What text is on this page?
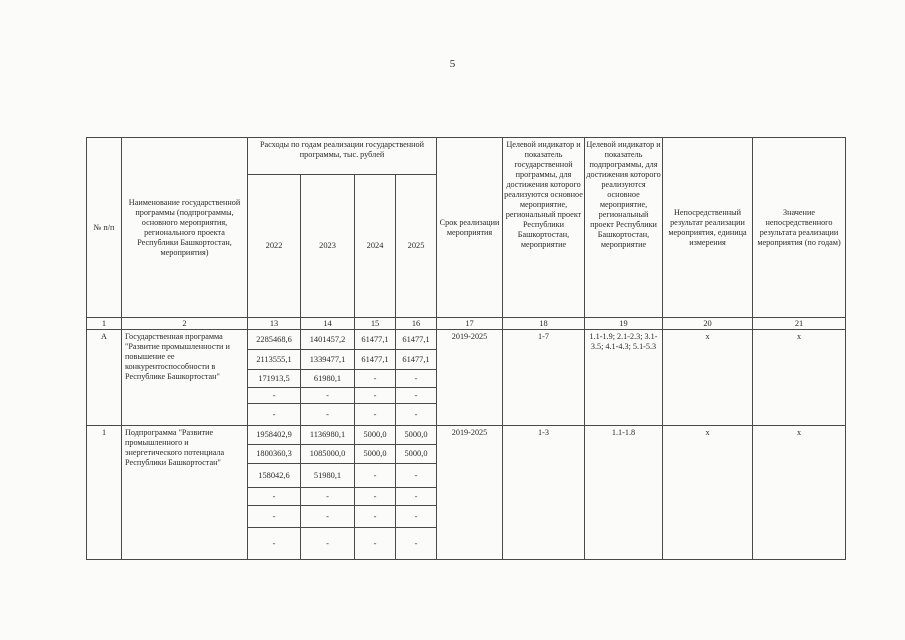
5
№ п/п	Наименование государственной программы (подпрограммы, основного мероприятия, регионального проекта Республики Башкортостан, мероприятия)	Расходы по годам реализации государственной программы, тыс. рублей				Срок реализации мероприятия	Целевой индикатор и показатель государственной программы, для достижения которого реализуются основное мероприятие, региональный проект Республики Башкортостан, мероприятие	Целевой индикатор и показатель подпрограммы, для достижения которого реализуются основное мероприятие, региональный проект Республики Башкортостан, мероприятие	Непосредственный результат реализации мероприятия, единица измерения	Значение непосредственного результата реализации мероприятия (по годам)
		2022	2023	2024	2025					
1	2	13	14	15	16	17	18	19	20	21
А	Государственная программа "Развитие промышленности и повышение ее конкурентоспособности в Республике Башкортостан"	2285468,6	1401457,2	61477,1	61477,1	2019-2025	1-7	1.1-1.9; 2.1-2.3; 3.1-3.5; 4.1-4.3; 5.1-5.3	x	x
		2113555,1	1339477,1	61477,1	61477,1					
		171913,5	61980,1	-	-					
		-	-	-	-					
		-	-	-	-					
1	Подпрограмма "Развитие промышленного и энергетического потенциала Республики Башкортостан"	1958402,9	1136980,1	5000,0	5000,0	2019-2025	1-3	1.1-1.8	x	x
		1800360,3	1085000,0	5000,0	5000,0					
		158042,6	51980,1	-	-					
		-	-	-	-					
		-	-	-	-					
		-	-	-	-					
